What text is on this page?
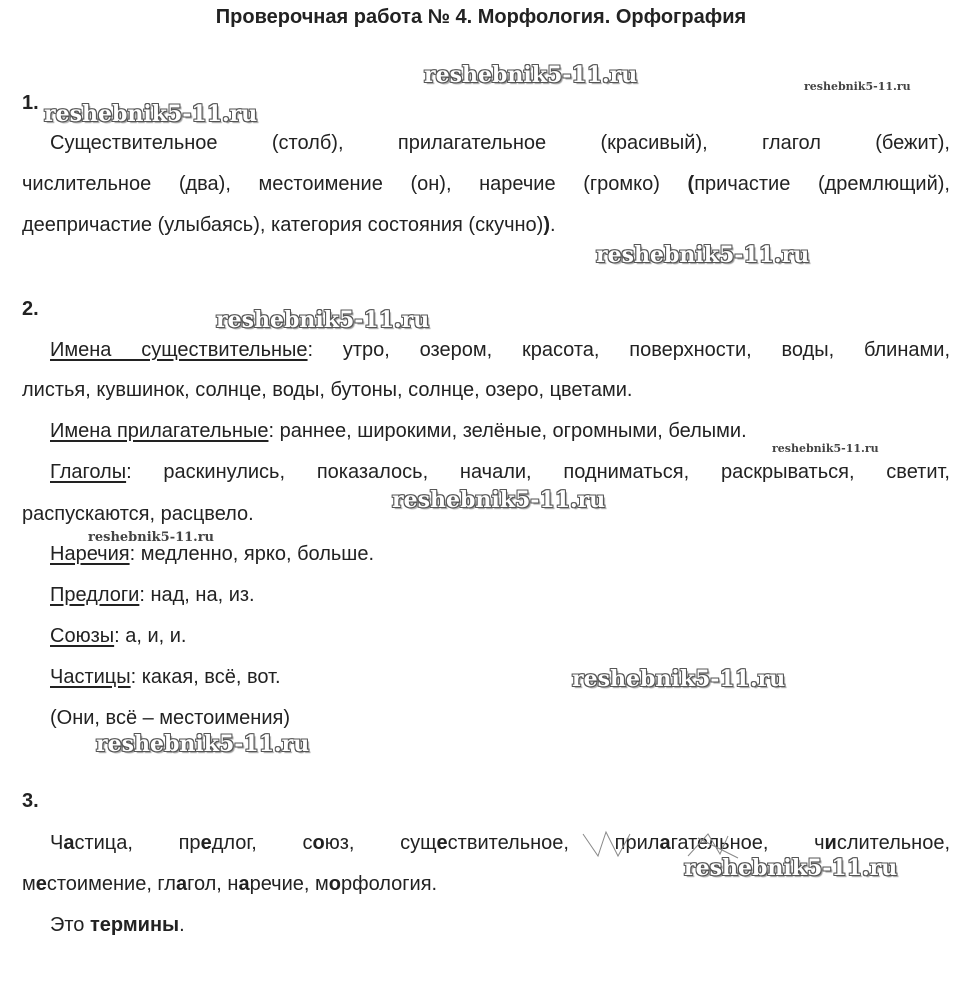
Проверочная работа № 4. Морфология. Орфография
reshebnik5-11.ru	reshebnik5-11.ru
reshebnik5-11.ru
reshebnik5-11.ru
reshebnik5-11.ru
reshebnik5-11.ru
reshebnik5-11.ru
reshebnik5-11.ru
reshebnik5-11.ru
reshebnik5-11.ru
reshebnik5-11.ru
1.
Существительное (столб), прилагательное (красивый), глагол (бежит),
числительное (два), местоимение (он), наречие (громко) (причастие (дремлющий),
деепричастие (улыбаясь), категория состояния (скучно)).
2.
Имена существительные: утро, озером, красота, поверхности, воды, блинами,
листья, кувшинок, солнце, воды, бутоны, солнце, озеро, цветами.
Имена прилагательные: раннее, широкими, зелёные, огромными, белыми.
Глаголы: раскинулись, показалось, начали, подниматься, раскрываться, светит,
распускаются, расцвело.
Наречия: медленно, ярко, больше.
Предлоги: над, на, из.
Союзы: а, и, и.
Частицы: какая, всё, вот.
(Они, всё – местоимения)
3.
Частица, предлог, союз, существительное, прилагательное, числительное,
местоимение, глагол, наречие, морфология.
Это термины.
